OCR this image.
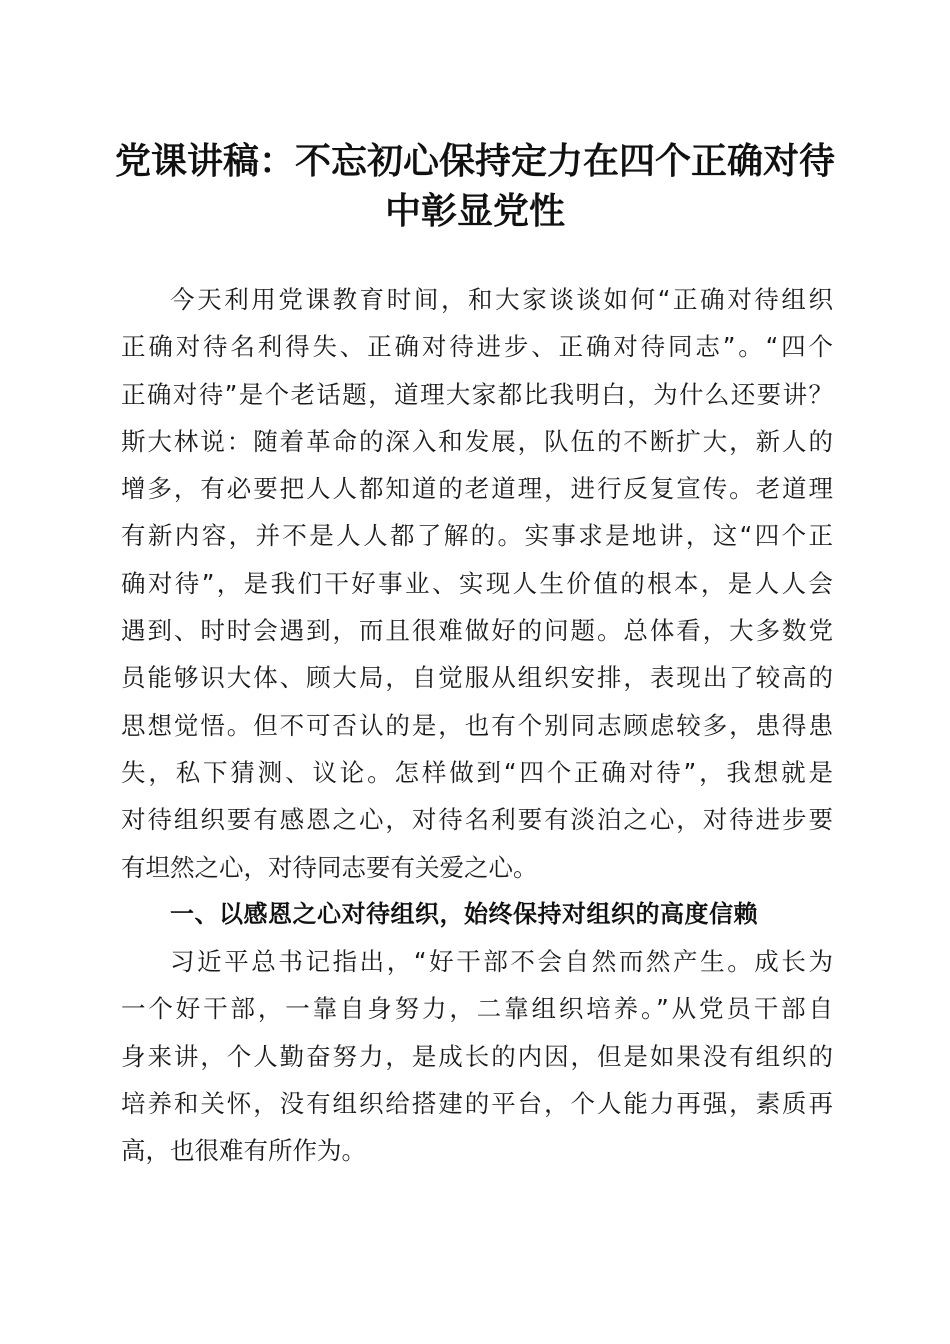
党课讲稿：不忘初心保持定力在四个正确对待
中彰显党性
今天利用党课教育时间，和大家谈谈如何“正确对待组织
正确对待名利得失、正确对待进步、正确对待同志”。“四个
正确对待”是个老话题，道理大家都比我明白，为什么还要讲？
斯大林说：随着革命的深入和发展，队伍的不断扩大，新人的
增多，有必要把人人都知道的老道理，进行反复宣传。老道理
有新内容，并不是人人都了解的。实事求是地讲，这“四个正
确对待”，是我们干好事业、实现人生价值的根本，是人人会
遇到、时时会遇到，而且很难做好的问题。总体看，大多数党
员能够识大体、顾大局，自觉服从组织安排，表现出了较高的
思想觉悟。但不可否认的是，也有个别同志顾虑较多，患得患
失，私下猜测、议论。怎样做到“四个正确对待”，我想就是
对待组织要有感恩之心，对待名利要有淡泊之心，对待进步要
有坦然之心，对待同志要有关爱之心。
一、以感恩之心对待组织，始终保持对组织的高度信赖
习近平总书记指出，“好干部不会自然而然产生。成长为
一个好干部，一靠自身努力，二靠组织培养。”从党员干部自
身来讲，个人勤奋努力，是成长的内因，但是如果没有组织的
培养和关怀，没有组织给搭建的平台，个人能力再强，素质再
高，也很难有所作为。
